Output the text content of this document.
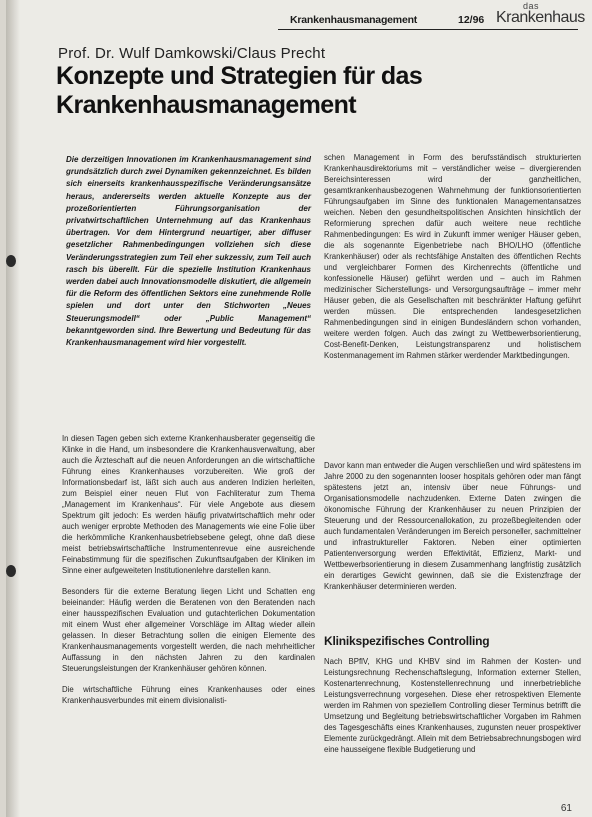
Krankenhausmanagement	12/96
das
Krankenhaus
Prof. Dr. Wulf Damkowski/Claus Precht
Konzepte und Strategien für das Krankenhausmanagement
Die derzeitigen Innovationen im Krankenhausmanagement sind grundsätzlich durch zwei Dynamiken gekennzeichnet. Es bilden sich einerseits krankenhausspezifische Veränderungsansätze heraus, andererseits werden aktuelle Konzepte aus der prozeßorientierten Führungsorganisation der privatwirtschaftlichen Unternehmung auf das Krankenhaus übertragen. Vor dem Hintergrund neuartiger, aber diffuser gesetzlicher Rahmenbedingungen vollziehen sich diese Veränderungsstrategien zum Teil eher sukzessiv, zum Teil auch rasch bis überellt. Für die spezielle Institution Krankenhaus werden dabei auch Innovationsmodelle diskutiert, die allgemein für die Reform des öffentlichen Sektors eine zunehmende Rolle spielen und dort unter den Stichworten „Neues Steuerungsmodell“ oder „Public Management“ bekanntgeworden sind. Ihre Bewertung und Bedeutung für das Krankenhausmanagement wird hier vorgestellt.

In diesen Tagen geben sich externe Krankenhausberater gegenseitig die Klinke in die Hand, um insbesondere die Krankenhausverwaltung, aber auch die Ärzteschaft auf die neuen Anforderungen an die wirtschaftliche Führung eines Krankenhauses vorzubereiten. Wie groß der Informationsbedarf ist, läßt sich auch aus anderen Indizien herleiten, zum Beispiel einer neuen Flut von Fachliteratur zum Thema „Management im Krankenhaus“. Für viele Angebote aus diesem Spektrum gilt jedoch: Es werden häufig privatwirtschaftlich mehr oder auch weniger erprobte Methoden des Managements wie eine Folie über die herkömmliche Krankenhausbetriebsebene gelegt, ohne daß diese meist betriebswirtschaftliche Instrumentenrevue eine ausreichende Feinabstimmung für die spezifischen Zukunftsaufgaben der Kliniken im Sinne einer aufgeweiteten Institutionenlehre darstellen kann.

Besonders für die externe Beratung liegen Licht und Schatten eng beieinander: Häufig werden die Beratenen von den Beratenden nach einer hausspezifischen Evaluation und gutachterlichen Dokumentation mit einem Wust eher allgemeiner Vorschläge im Alltag wieder allein gelassen. In dieser Betrachtung sollen die einigen Elemente des Krankenhausmanagements vorgestellt werden, die nach mehrheitlicher Auffassung in den nächsten Jahren zu den kardinalen Steuerungsleistungen der Krankenhäuser gehören können.

Die wirtschaftliche Führung eines Krankenhauses oder eines Krankenhausverbundes mit einem divisionalisti-

schen Management in Form des berufsständisch strukturierten Krankenhausdirektoriums mit – verständlicher weise – divergierenden Bereichsinteressen wird der ganzheitlichen, gesamtkrankenhausbezogenen Wahrnehmung der funktionsorientierten Führungsaufgaben im Sinne des funktionalen Managementansatzes weichen. Neben den gesundheitspolitischen Ansichten hinsichtlich der Reformierung sprechen dafür auch weitere neue rechtliche Rahmenbedingungen: Es wird in Zukunft immer weniger Häuser geben, die als sogenannte Eigenbetriebe nach BHO/LHO (öffentliche Krankenhäuser) oder als rechtsfähige Anstalten des öffentlichen Rechts und vergleichbarer Formen des Kirchenrechts (öffentliche und konfessionelle Häuser) geführt werden und – auch im Rahmen medizinischer Sicherstellungs- und Versorgungsaufträge – immer mehr Häuser geben, die als Gesellschaften mit beschränkter Haftung geführt werden müssen. Die entsprechenden landesgesetzlichen Rahmenbedingungen sind in einigen Bundesländern schon vorhanden, weitere werden folgen. Auch das zwingt zu Wettbewerbsorientierung, Cost-Benefit-Denken, Leistungstransparenz und holistischem Kostenmanagement im Rahmen stärker werdender Marktbedingungen.

Davor kann man entweder die Augen verschließen und wird spätestens im Jahre 2000 zu den sogenannten looser hospitals gehören oder man fängt spätestens jetzt an, intensiv über neue Führungs- und Organisationsmodelle nachzudenken. Externe Daten zwingen die ökonomische Führung der Krankenhäuser zu neuen Prinzipien der Steuerung und der Ressourcenallokation, zu prozeßbegleitenden oder auch fundamentalen Veränderungen im Bereich personeller, sachmittelner und infrastruktureller Faktoren. Neben einer optimierten Patientenversorgung werden Effektivität, Effizienz, Markt- und Wettbewerbsorientierung in diesem Zusammenhang langfristig zusätzlich ein derartiges Gewicht gewinnen, daß sie die Existenzfrage der Krankenhäuser determinieren werden.

Klinikspezifisches Controlling

Nach BPflV, KHG und KHBV sind im Rahmen der Kosten- und Leistungsrechnung Rechenschaftslegung, Information externer Stellen, Kostenartenrechnung, Kostenstellenrechnung und innerbetriebliche Leistungsverrechnung vorgesehen. Diese eher retrospektiven Elemente werden im Rahmen von speziellem Controlling dieser Terminus betrifft die Umsetzung und Begleitung betriebswirtschaftlicher Vorgaben im Rahmen des Tagesgeschäfts eines Krankenhauses, zugunsten neuer prospektiver Elemente zurückgedrängt. Allein mit dem Betriebsabrechnungsbogen wird eine hausseigene flexible Budgetierung und

61
